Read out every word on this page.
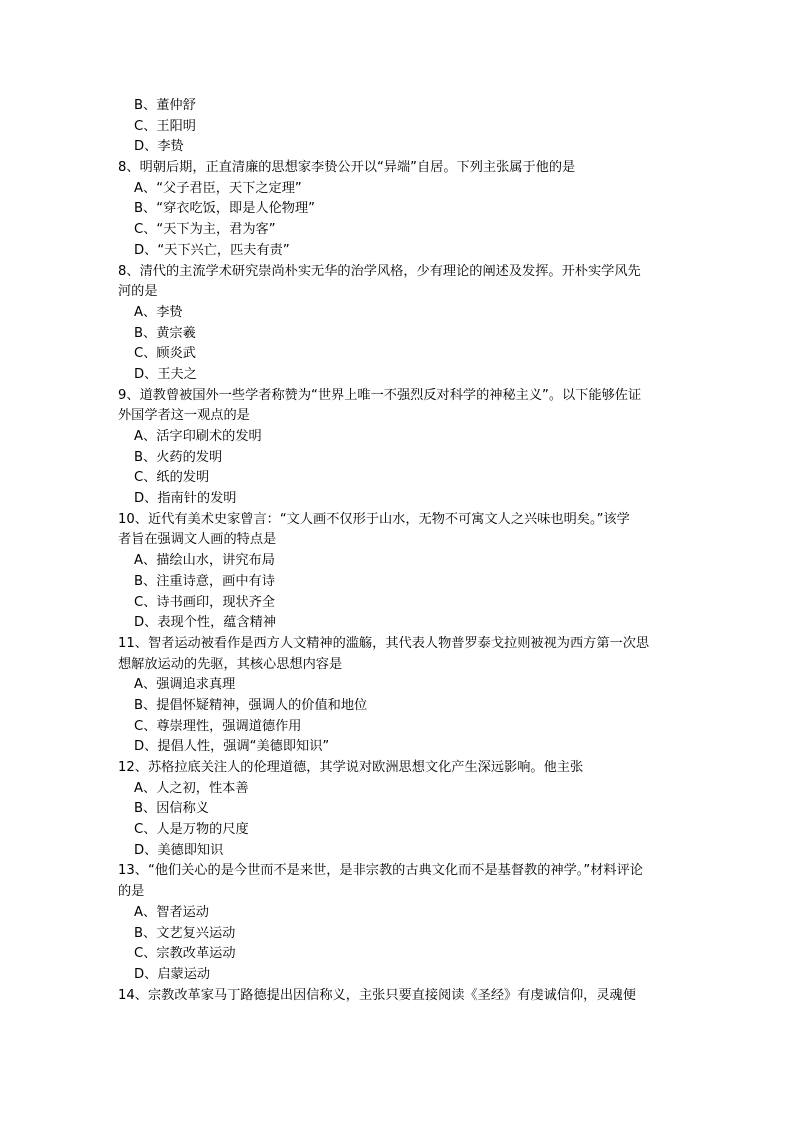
B、董仲舒
C、王阳明
D、李贽
8、明朝后期，正直清廉的思想家李贽公开以“异端”自居。下列主张属于他的是
A、“父子君臣，天下之定理”
B、“穿衣吃饭，即是人伦物理”
C、“天下为主，君为客”
D、“天下兴亡，匹夫有责”
8、清代的主流学术研究崇尚朴实无华的治学风格，少有理论的阐述及发挥。开朴实学风先
河的是
A、李贽
B、黄宗羲
C、顾炎武
D、王夫之
9、道教曾被国外一些学者称赞为“世界上唯一不强烈反对科学的神秘主义”。以下能够佐证
外国学者这一观点的是
A、活字印刷术的发明
B、火药的发明
C、纸的发明
D、指南针的发明
10、近代有美术史家曾言：“文人画不仅形于山水，无物不可寓文人之兴味也明矣。”该学
者旨在强调文人画的特点是
A、描绘山水，讲究布局
B、注重诗意，画中有诗
C、诗书画印，现状齐全
D、表现个性，蕴含精神
11、智者运动被看作是西方人文精神的滥觞，其代表人物普罗泰戈拉则被视为西方第一次思
想解放运动的先驱，其核心思想内容是
A、强调追求真理
B、提倡怀疑精神，强调人的价值和地位
C、尊崇理性，强调道德作用
D、提倡人性，强调“美德即知识”
12、苏格拉底关注人的伦理道德，其学说对欧洲思想文化产生深远影响。他主张
A、人之初，性本善
B、因信称义
C、人是万物的尺度
D、美德即知识
13、“他们关心的是今世而不是来世，是非宗教的古典文化而不是基督教的神学。”材料评论
的是
A、智者运动
B、文艺复兴运动
C、宗教改革运动
D、启蒙运动
14、宗教改革家马丁路德提出因信称义，主张只要直接阅读《圣经》有虔诚信仰，灵魂便
